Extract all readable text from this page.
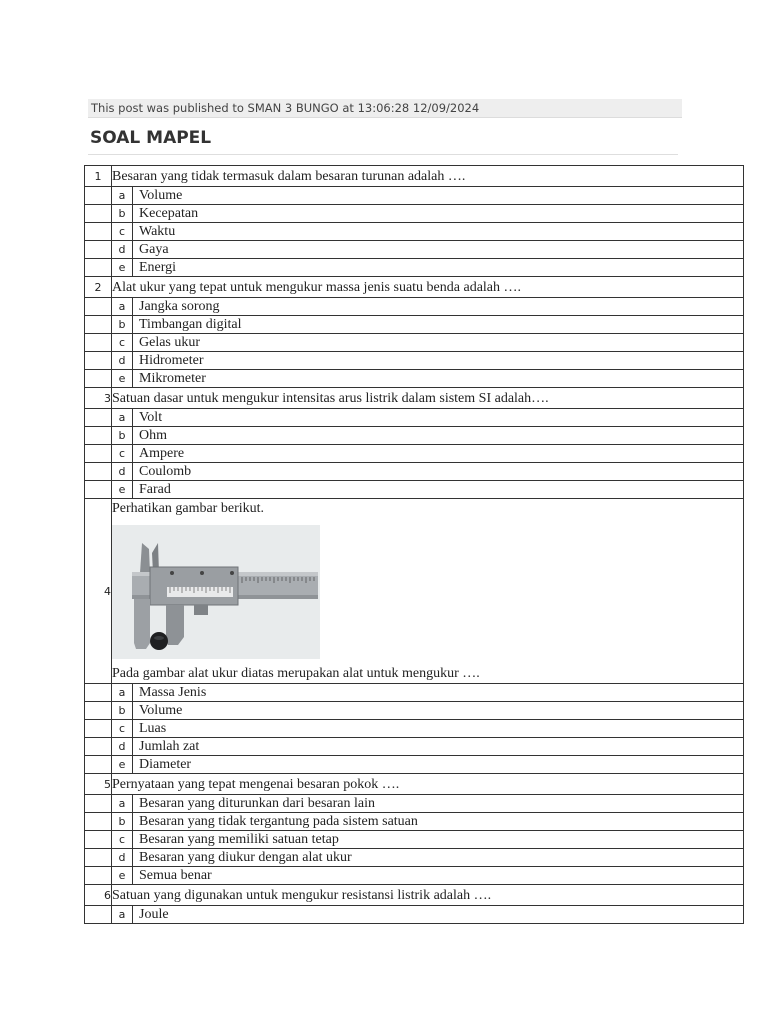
This post was published to SMAN 3 BUNGO at 13:06:28 12/09/2024
SOAL MAPEL
1	Besaran yang tidak termasuk dalam besaran turunan adalah ….

	a Volume

	b Kecepatan

	c Waktu

	d Gaya

	e Energi

2	Alat ukur yang tepat untuk mengukur massa jenis suatu benda adalah ….

	a Jangka sorong

	b Timbangan digital

	c Gelas ukur

	d Hidrometer

	e Mikrometer

3	Satuan dasar untuk mengukur intensitas arus listrik dalam sistem SI adalah….

	a Volt

	b Ohm

	c Ampere

	d Coulomb

	e Farad

4	Perhatikan gambar berikut.
Pada gambar alat ukur diatas merupakan alat untuk mengukur ….

	a Massa Jenis

	b Volume

	c Luas

	d Jumlah zat

	e Diameter

5	Pernyataan yang tepat mengenai besaran pokok ….

	a Besaran yang diturunkan dari besaran lain

	b Besaran yang tidak tergantung pada sistem satuan

	c Besaran yang memiliki satuan tetap

	d Besaran yang diukur dengan alat ukur

	e Semua benar

6	Satuan yang digunakan untuk mengukur resistansi listrik adalah ….

	a Joule
